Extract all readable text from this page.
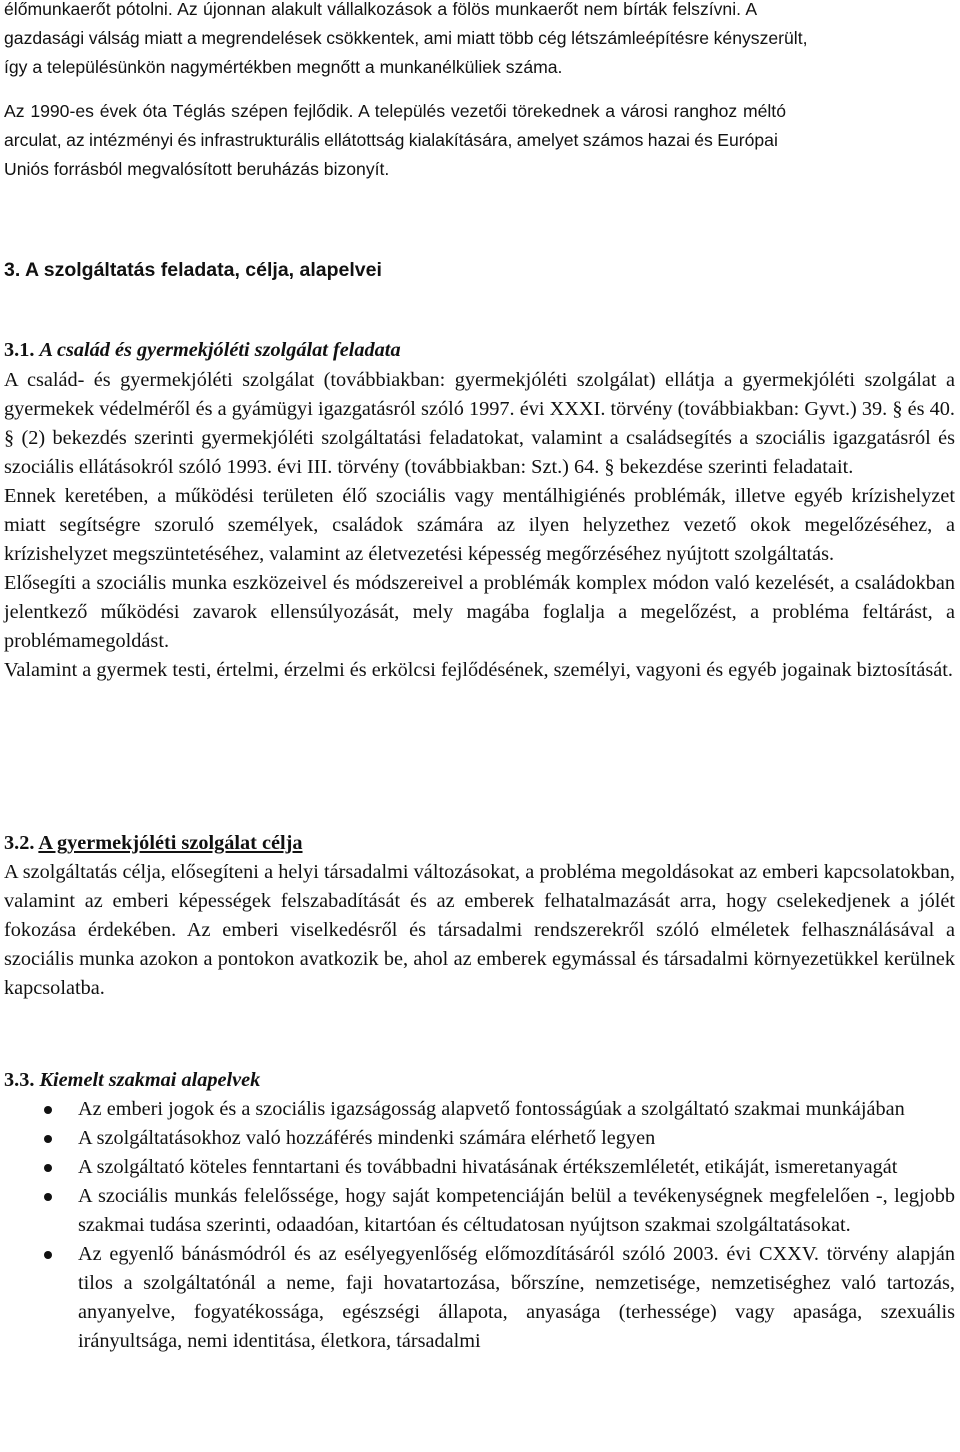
élőmunkaerőt pótolni. Az újonnan alakult vállalkozások a fölös munkaerőt nem bírták felszívni. A

gazdasági válság miatt a megrendelések csökkentek, ami miatt több cég létszámleépítésre kényszerült,

így a településünkön nagymértékben megnőtt a munkanélküliek száma.

Az 1990-es évek óta Téglás szépen fejlődik. A település vezetői törekednek a városi ranghoz méltó

arculat, az intézményi és infrastrukturális ellátottság kialakítására, amelyet számos hazai és Európai

Uniós forrásból megvalósított beruházás bizonyít.

3. A szolgáltatás feladata, célja, alapelvei
3.1. A család és gyermekjóléti szolgálat feladata

A család- és gyermekjóléti szolgálat (továbbiakban: gyermekjóléti szolgálat) ellátja a gyermekjóléti szolgálat a gyermekek védelméről és a gyámügyi igazgatásról szóló 1997. évi XXXI. törvény (továbbiakban: Gyvt.) 39. § és 40. § (2) bekezdés szerinti gyermekjóléti szolgáltatási feladatokat, valamint a családsegítés a szociális igazgatásról és szociális ellátásokról szóló 1993. évi III. törvény (továbbiakban: Szt.) 64. § bekezdése szerinti feladatait.

Ennek keretében, a működési területen élő szociális vagy mentálhigiénés problémák, illetve egyéb krízishelyzet miatt segítségre szoruló személyek, családok számára az ilyen helyzethez vezető okok megelőzéséhez, a krízishelyzet megszüntetéséhez, valamint az életvezetési képesség megőrzéséhez nyújtott szolgáltatás.

Elősegíti a szociális munka eszközeivel és módszereivel a problémák komplex módon való kezelését, a családokban jelentkező működési zavarok ellensúlyozását, mely magába foglalja a megelőzést, a probléma feltárást, a problémamegoldást.

Valamint a gyermek testi, értelmi, érzelmi és erkölcsi fejlődésének, személyi, vagyoni és egyéb jogainak biztosítását.

3.2. A gyermekjóléti szolgálat célja

A szolgáltatás célja, elősegíteni a helyi társadalmi változásokat, a probléma megoldásokat az emberi kapcsolatokban, valamint az emberi képességek felszabadítását és az emberek felhatalmazását arra, hogy cselekedjenek a jólét fokozása érdekében. Az emberi viselkedésről és társadalmi rendszerekről szóló elméletek felhasználásával a szociális munka azokon a pontokon avatkozik be, ahol az emberek egymással és társadalmi környezetükkel kerülnek kapcsolatba.

3.3. Kiemelt szakmai alapelvek
Az emberi jogok és a szociális igazságosság alapvető fontosságúak a szolgáltató szakmai munkájában
A szolgáltatásokhoz való hozzáférés mindenki számára elérhető legyen
A szolgáltató köteles fenntartani és továbbadni hivatásának értékszemléletét, etikáját, ismeretanyagát
A szociális munkás felelőssége, hogy saját kompetenciáján belül a tevékenységnek megfelelően -, legjobb szakmai tudása szerinti, odaadóan, kitartóan és céltudatosan nyújtson szakmai szolgáltatásokat.
Az egyenlő bánásmódról és az esélyegyenlőség előmozdításáról szóló 2003. évi CXXV. törvény alapján tilos a szolgáltatónál a neme, faji hovatartozása, bőrszíne, nemzetisége, nemzetiséghez való tartozás, anyanyelve, fogyatékossága, egészségi állapota, anyasága (terhessége) vagy apasága, szexuális irányultsága, nemi identitása, életkora, társadalmi
